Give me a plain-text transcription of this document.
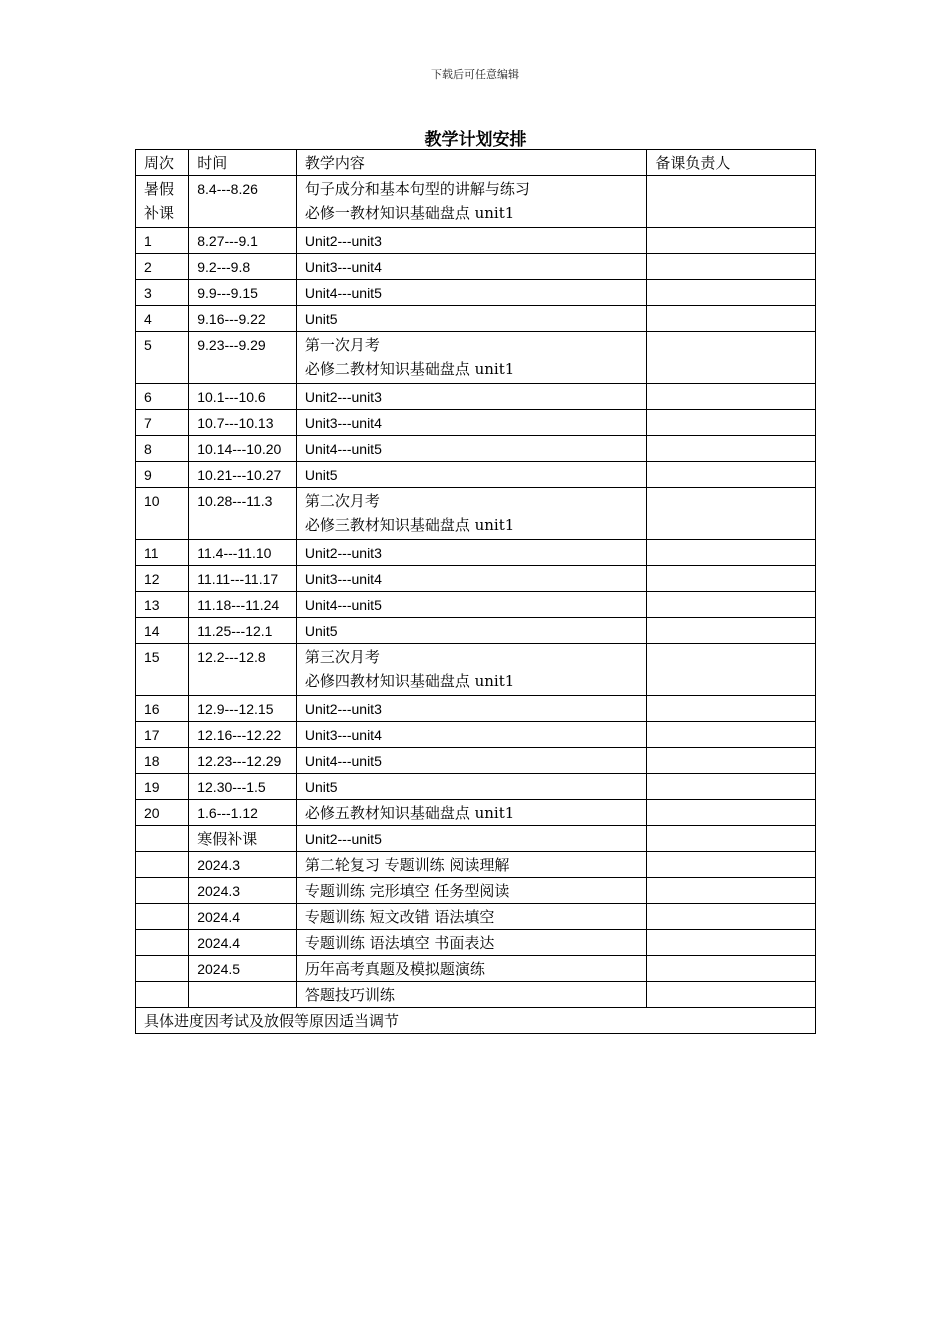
下载后可任意编辑
教学计划安排
周次	时间	教学内容	备课负责人

暑假
补课	8.4---8.26	句子成分和基本句型的讲解与练习
必修一教材知识基础盘点 unit1	

1	8.27---9.1	Unit2---unit3	

2	9.2---9.8	Unit3---unit4	

3	9.9---9.15	Unit4---unit5	

4	9.16---9.22	Unit5	

5	9.23---9.29	第一次月考
必修二教材知识基础盘点 unit1	

6	10.1---10.6	Unit2---unit3	

7	10.7---10.13	Unit3---unit4	

8	10.14---10.20	Unit4---unit5	

9	10.21---10.27	Unit5	

10	10.28---11.3	第二次月考
必修三教材知识基础盘点 unit1	

11	11.4---11.10	Unit2---unit3	

12	11.11---11.17	Unit3---unit4	

13	11.18---11.24	Unit4---unit5	

14	11.25---12.1	Unit5	

15	12.2---12.8	第三次月考
必修四教材知识基础盘点 unit1	

16	12.9---12.15	Unit2---unit3	

17	12.16---12.22	Unit3---unit4	

18	12.23---12.29	Unit4---unit5	

19	12.30---1.5	Unit5	

20	1.6---1.12	必修五教材知识基础盘点 unit1	

	寒假补课	Unit2---unit5	

	2024.3	第二轮复习 专题训练 阅读理解	

	2024.3	专题训练 完形填空 任务型阅读	

	2024.4	专题训练 短文改错 语法填空	

	2024.4	专题训练 语法填空 书面表达	

	2024.5	历年高考真题及模拟题演练	

		答题技巧训练	

具体进度因考试及放假等原因适当调节			
